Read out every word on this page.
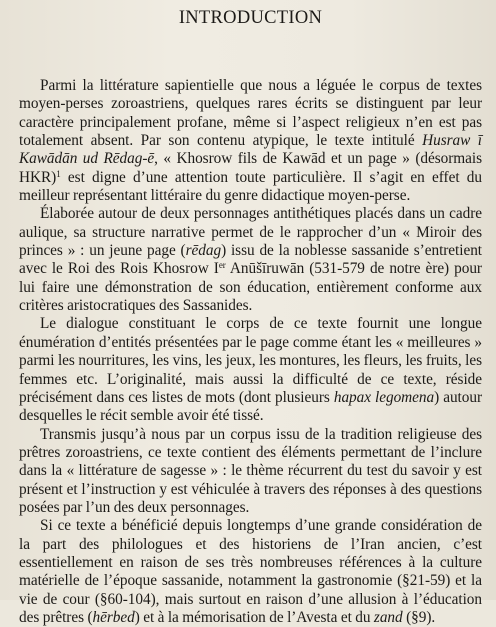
INTRODUCTION

Parmi la littérature sapientielle que nous a léguée le corpus de textes moyen-perses zoroastriens, quelques rares écrits se distinguent par leur caractère principalement profane, même si l’aspect religieux n’en est pas totalement absent. Par son contenu atypique, le texte intitulé Husraw ī Kawādān ud Rēdag-ē, « Khosrow fils de Kawād et un page » (désormais HKR)$^1$ est digne d’une attention toute particulière. Il s’agit en effet du meilleur représentant littéraire du genre didactique moyen-perse.

Élaborée autour de deux personnages antithétiques placés dans un cadre aulique, sa structure narrative permet de le rapprocher d’un « Miroir des princes » : un jeune page (rēdag) issu de la noblesse sassanide s’entretient avec le Roi des Rois Khosrow Ier Anūšīruwān (531-579 de notre ère) pour lui faire une démonstration de son éducation, entièrement conforme aux critères aristocratiques des Sassanides.

Le dialogue constituant le corps de ce texte fournit une longue énumération d’entités présentées par le page comme étant les « meilleures » parmi les nourritures, les vins, les jeux, les montures, les fleurs, les fruits, les femmes etc. L’originalité, mais aussi la difficulté de ce texte, réside précisément dans ces listes de mots (dont plusieurs hapax legomena) autour desquelles le récit semble avoir été tissé.

Transmis jusqu’à nous par un corpus issu de la tradition religieuse des prêtres zoroastriens, ce texte contient des éléments permettant de l’inclure dans la « littérature de sagesse » : le thème récurrent du test du savoir y est présent et l’instruction y est véhiculée à travers des réponses à des questions posées par l’un des deux personnages.

Si ce texte a bénéficié depuis longtemps d’une grande considération de la part des philologues et des historiens de l’Iran ancien, c’est essentiellement en raison de ses très nombreuses références à la culture matérielle de l’époque sassanide, notamment la gastronomie (§21-59) et la vie de cour (§60-104), mais surtout en raison d’une allusion à l’éducation des prêtres (hērbed) et à la mémorisation de l’Avesta et du zand (§9).
